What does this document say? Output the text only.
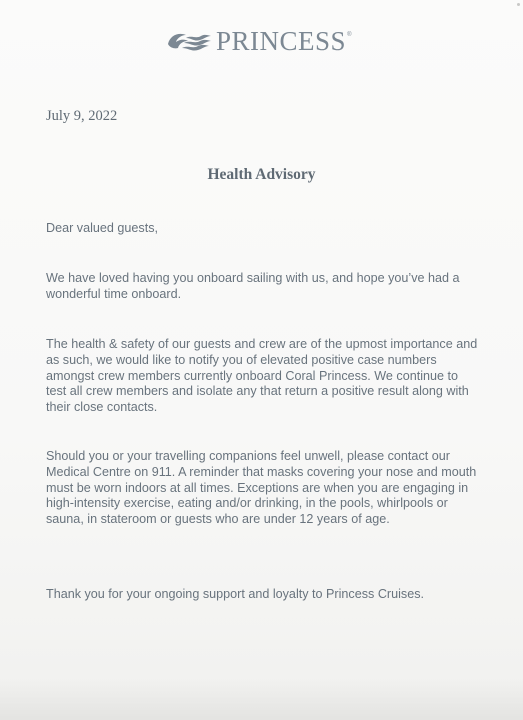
PRINCESS ®
July 9, 2022
Health Advisory
Dear valued guests,
We have loved having you onboard sailing with us, and hope you’ve had a wonderful time onboard.
The health & safety of our guests and crew are of the upmost importance and as such, we would like to notify you of elevated positive case numbers amongst crew members currently onboard Coral Princess. We continue to test all crew members and isolate any that return a positive result along with their close contacts.
Should you or your travelling companions feel unwell, please contact our Medical Centre on 911. A reminder that masks covering your nose and mouth must be worn indoors at all times. Exceptions are when you are engaging in high-intensity exercise, eating and/or drinking, in the pools, whirlpools or sauna, in stateroom or guests who are under 12 years of age.
Thank you for your ongoing support and loyalty to Princess Cruises.
